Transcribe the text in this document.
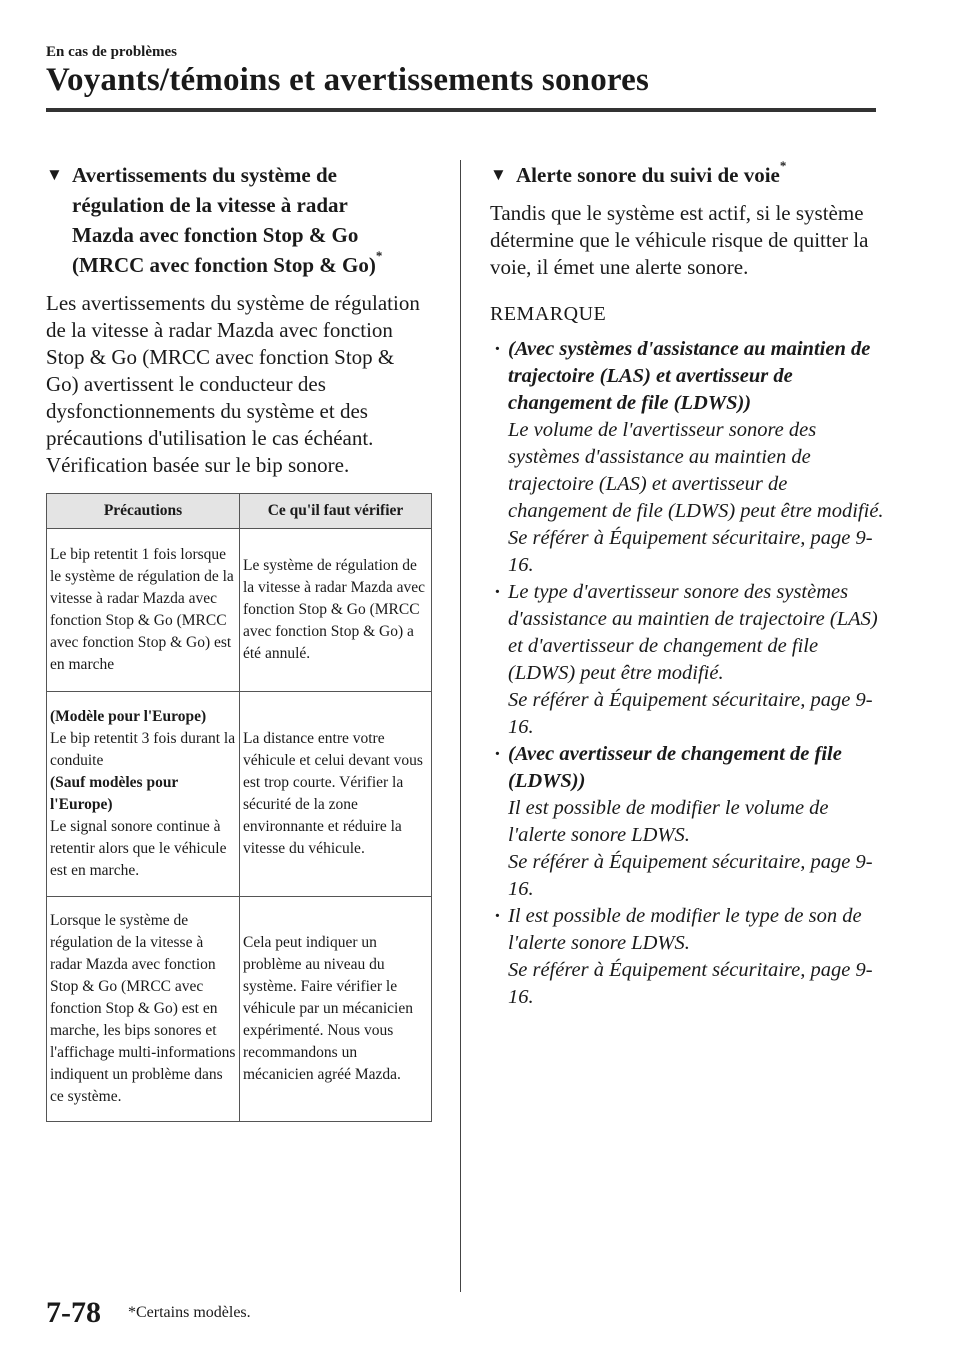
En cas de problèmes
Voyants/témoins et avertissements sonores
▼ Avertissements du système de
régulation de la vitesse à radar
Mazda avec fonction Stop & Go
(MRCC avec fonction Stop & Go)*

Les avertissements du système de régulation de la vitesse à radar Mazda avec fonction Stop & Go (MRCC avec fonction Stop & Go) avertissent le conducteur des dysfonctionnements du système et des précautions d'utilisation le cas échéant.

Vérification basée sur le bip sonore.

Précautions	Ce qu'il faut vérifier
Le bip retentit 1 fois lorsque le système de régulation de la vitesse à radar Mazda avec fonction Stop & Go (MRCC avec fonction Stop & Go) est en marche	Le système de régulation de la vitesse à radar Mazda avec fonction Stop & Go (MRCC avec fonction Stop & Go) a été annulé.

(Modèle pour l'Europe)
Le bip retentit 3 fois durant la conduite
(Sauf modèles pour l'Europe)
Le signal sonore continue à retentir alors que le véhicule est en marche.	La distance entre votre véhicule et celui devant vous est trop courte. Vérifier la sécurité de la zone environnante et réduire la vitesse du véhicule.
Lorsque le système de régulation de la vitesse à radar Mazda avec fonction Stop & Go (MRCC avec fonction Stop & Go) est en marche, les bips sonores et l'affichage multi-informations indiquent un problème dans ce système.	Cela peut indiquer un problème au niveau du système. Faire vérifier le véhicule par un mécanicien expérimenté. Nous vous recommandons un mécanicien agréé Mazda.
▼ Alerte sonore du suivi de voie*

Tandis que le système est actif, si le système détermine que le véhicule risque de quitter la voie, il émet une alerte sonore.

REMARQUE
· (Avec systèmes d'assistance au maintien de trajectoire (LAS) et avertisseur de changement de file (LDWS))
Le volume de l'avertisseur sonore des systèmes d'assistance au maintien de trajectoire (LAS) et avertisseur de changement de file (LDWS) peut être modifié.
Se référer à Équipement sécuritaire, page 9-16.
· Le type d'avertisseur sonore des systèmes d'assistance au maintien de trajectoire (LAS) et d'avertisseur de changement de file (LDWS) peut être modifié.
Se référer à Équipement sécuritaire, page 9-16.
· (Avec avertisseur de changement de file (LDWS))
Il est possible de modifier le volume de l'alerte sonore LDWS.
Se référer à Équipement sécuritaire, page 9-16.
· Il est possible de modifier le type de son de l'alerte sonore LDWS.
Se référer à Équipement sécuritaire, page 9-16.
7-78 *Certains modèles.
